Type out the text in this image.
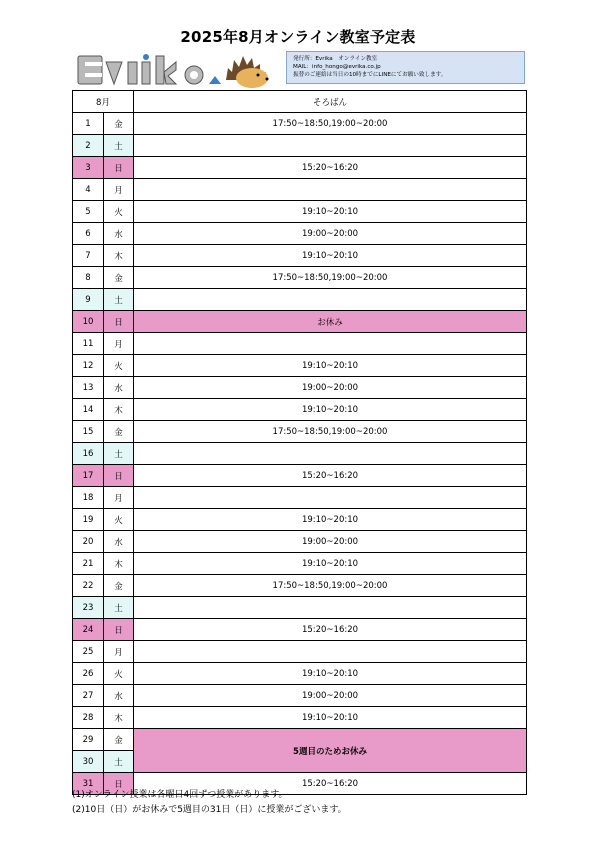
2025年8月オンライン教室予定表
発行所：Evrika　オンライン教室
MAIL：info_hongo@evrika.co.jp
振替のご連絡は当日の10時までにLINEにてお願い致します。
8月		そろばん
1	金	17:50~18:50,19:00~20:00
2	土	
3	日	15:20~16:20
4	月	
5	火	19:10~20:10
6	水	19:00~20:00
7	木	19:10~20:10
8	金	17:50~18:50,19:00~20:00
9	土	
10	日	お休み
11	月	
12	火	19:10~20:10
13	水	19:00~20:00
14	木	19:10~20:10
15	金	17:50~18:50,19:00~20:00
16	土	
17	日	15:20~16:20
18	月	
19	火	19:10~20:10
20	水	19:00~20:00
21	木	19:10~20:10
22	金	17:50~18:50,19:00~20:00
23	土	
24	日	15:20~16:20
25	月	
26	火	19:10~20:10
27	水	19:00~20:00
28	木	19:10~20:10
29	金	5週目のためお休み
30	土	
31	日	15:20~16:20
(1)オンライン授業は各曜日4回ずつ授業があります。
(2)10日（日）がお休みで5週目の31日（日）に授業がございます。
